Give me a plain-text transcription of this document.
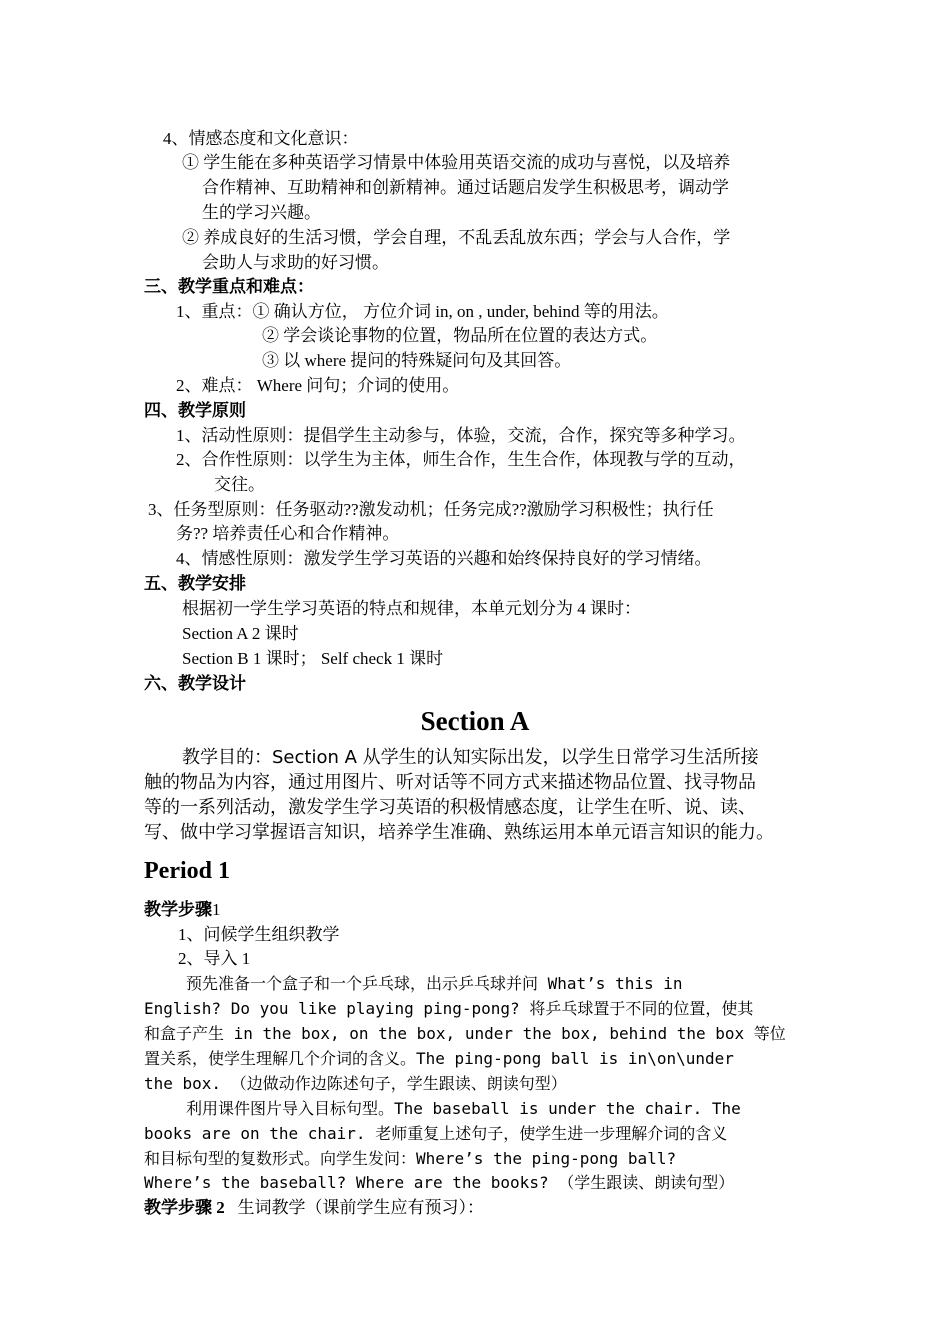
4、情感态度和文化意识：
① 学生能在多种英语学习情景中体验用英语交流的成功与喜悦，以及培养
合作精神、互助精神和创新精神。通过话题启发学生积极思考，调动学
生的学习兴趣。
② 养成良好的生活习惯，学会自理，不乱丢乱放东西；学会与人合作，学
会助人与求助的好习惯。
三、教学重点和难点：
1、重点：① 确认方位， 方位介词 in, on , under, behind 等的用法。
② 学会谈论事物的位置，物品所在位置的表达方式。
③ 以 where 提问的特殊疑问句及其回答。
2、难点： Where 问句；介词的使用。
四、教学原则
1、活动性原则：提倡学生主动参与，体验，交流，合作，探究等多种学习。
2、合作性原则：以学生为主体，师生合作，生生合作，体现教与学的互动，
交往。
3、任务型原则：任务驱动??激发动机；任务完成??激励学习积极性；执行任
务?? 培养责任心和合作精神。
4、情感性原则：激发学生学习英语的兴趣和始终保持良好的学习情绪。
五、教学安排
根据初一学生学习英语的特点和规律，本单元划分为 4 课时：
Section A 2 课时
Section B 1 课时； Self check 1 课时
六、教学设计
Section A
教学目的：Section A 从学生的认知实际出发，以学生日常学习生活所接
触的物品为内容，通过用图片、听对话等不同方式来描述物品位置、找寻物品
等的一系列活动，激发学生学习英语的积极情感态度，让学生在听、说、读、
写、做中学习掌握语言知识，培养学生准确、熟练运用本单元语言知识的能力。
Period 1
教学步骤1
1、问候学生组织教学
2、导入 1
预先准备一个盒子和一个乒乓球，出示乒乓球并问 What’s this in
English? Do you like playing ping-pong? 将乒乓球置于不同的位置，使其
和盒子产生 in the box, on the box, under the box, behind the box 等位
置关系，使学生理解几个介词的含义。The ping-pong ball is in\on\under
the box. （边做动作边陈述句子，学生跟读、朗读句型）
利用课件图片导入目标句型。The baseball is under the chair. The
books are on the chair. 老师重复上述句子，使学生进一步理解介词的含义
和目标句型的复数形式。向学生发问：Where’s the ping-pong ball?
Where’s the baseball? Where are the books? （学生跟读、朗读句型）
教学步骤 2 生词教学（课前学生应有预习）：
